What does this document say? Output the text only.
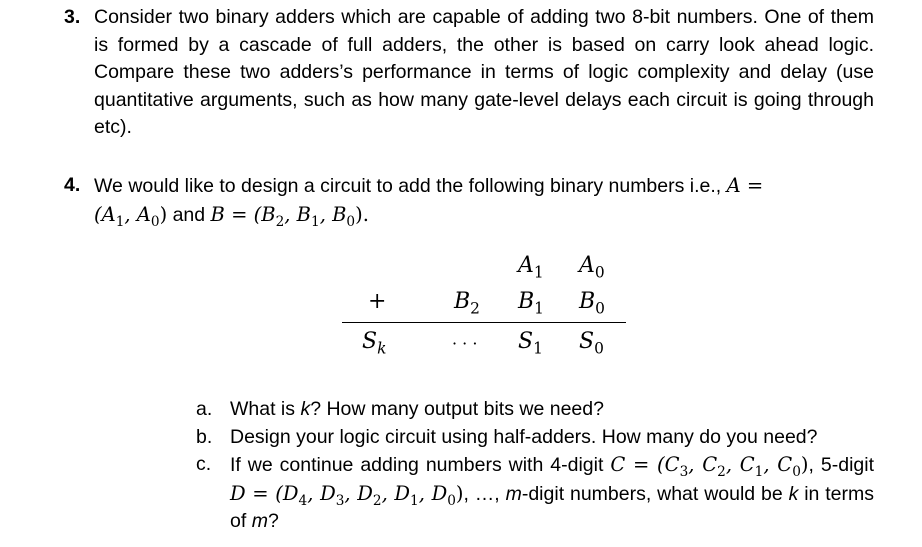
3. Consider two binary adders which are capable of adding two 8-bit numbers. One of them is formed by a cascade of full adders, the other is based on carry look ahead logic. Compare these two adders’s performance in terms of logic complexity and delay (use quantitative arguments, such as how many gate-level delays each circuit is going through etc).
4. We would like to design a circuit to add the following binary numbers i.e., A =
($A_1$, $A_0$) and $B = (B_2$, $B_1$, $B_0$).
$A_1$ $A_0$
+	$B_2$ $B_1$ $B_0$
$S_k$	· · · $S_1$ $S_0$
a. What is k? How many output bits we need?
b. Design your logic circuit using half-adders. How many do you need?
c. If we continue adding numbers with 4-digit $C = (C_3$, $C_2$, $C_1$, $C_0$), 5-digit $D = (D_4$, $D_3$, $D_2$, $D_1$, $D_0$), …, m-digit numbers, what would be k in terms of m?
